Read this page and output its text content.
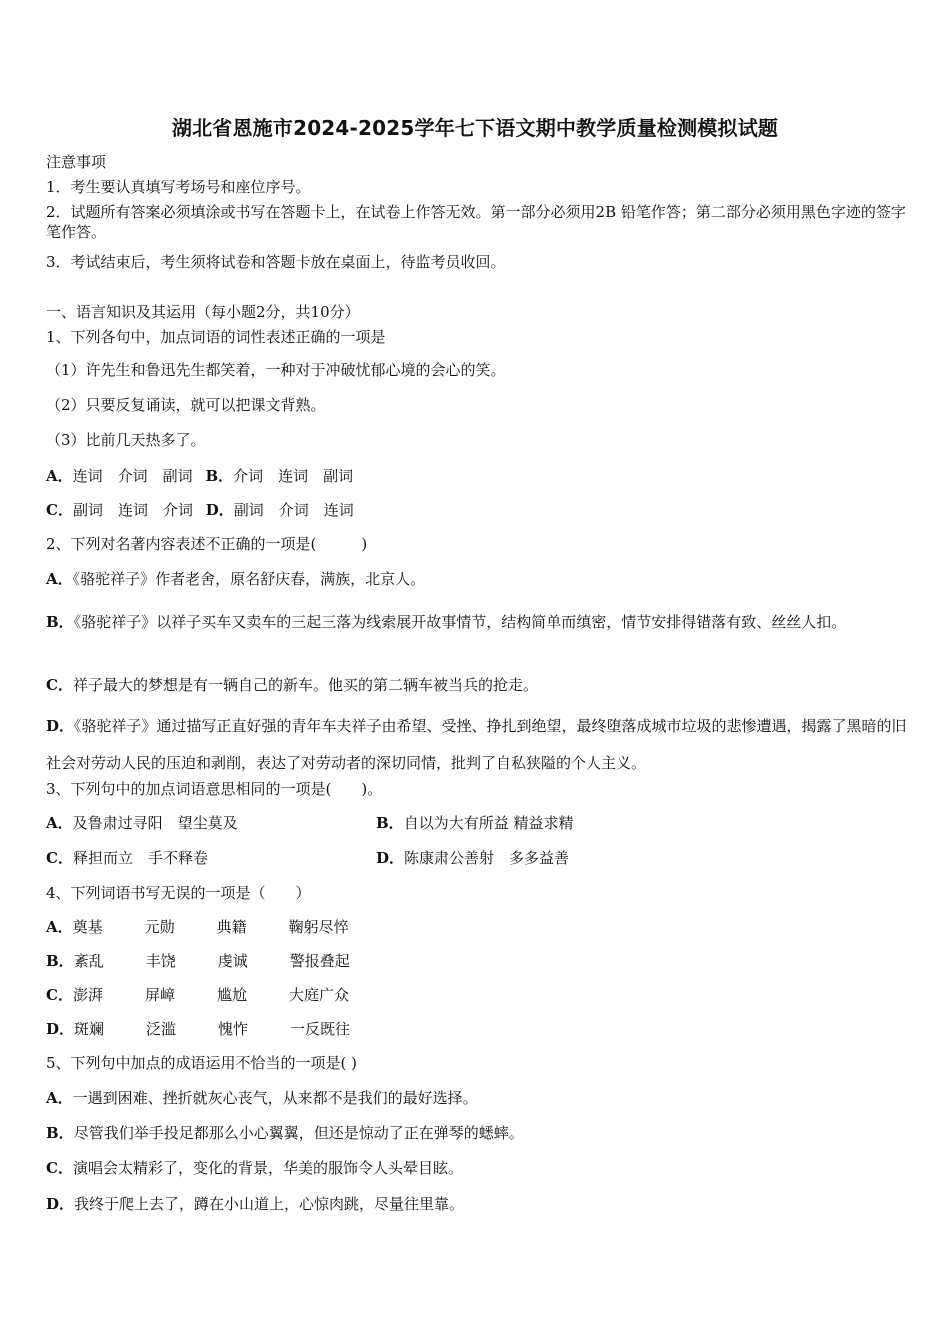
湖北省恩施市2024-2025学年七下语文期中教学质量检测模拟试题
注意事项
1．考生要认真填写考场号和座位序号。
2．试题所有答案必须填涂或书写在答题卡上，在试卷上作答无效。第一部分必须用2B 铅笔作答；第二部分必须用黑色字迹的签字笔作答。
3．考试结束后，考生须将试卷和答题卡放在桌面上，待监考员收回。
一、语言知识及其运用（每小题2分，共10分）
1、下列各句中，加点词语的词性表述正确的一项是
（1）许先生和鲁迅先生都笑着，一种对于冲破忧郁心境的会心的笑。
（2）只要反复诵读，就可以把课文背熟。
（3）比前几天热多了。
A．连词　介词　副词 B．介词　连词　副词
C．副词　连词　介词 D．副词　介词　连词
2、下列对名著内容表述不正确的一项是(　　　)
A．《骆驼祥子》作者老舍，原名舒庆春，满族，北京人。
B．《骆驼祥子》以祥子买车又卖车的三起三落为线索展开故事情节，结构简单而缜密，情节安排得错落有致、丝丝人扣。
C．祥子最大的梦想是有一辆自己的新车。他买的第二辆车被当兵的抢走。
D．《骆驼祥子》通过描写正直好强的青年车夫祥子由希望、受挫、挣扎到绝望，最终堕落成城市垃圾的悲惨遭遇，揭露了黑暗的旧社会对劳动人民的压迫和剥削，表达了对劳动者的深切同情，批判了自私狭隘的个人主义。
3、下列句中的加点词语意思相同的一项是(　　)。
A．及鲁肃过寻阳　望尘莫及	B．自以为大有所益 精益求精
C．释担而立　手不释卷	D．陈康肃公善射　多多益善
4、下列词语书写无误的一项是（　　）
A．奠基	元勋	典籍	鞠躬尽悴
B．紊乱	丰饶	虔诚	警报叠起
C．澎湃	屏嶂	尴尬	大庭广众
D．斑斓	泛滥	愧怍	一反既往
5、下列句中加点的成语运用不恰当的一项是( )
A．一遇到困难、挫折就灰心丧气，从来都不是我们的最好选择。
B．尽管我们举手投足都那么小心翼翼，但还是惊动了正在弹琴的蟋蟀。
C．演唱会太精彩了，变化的背景，华美的服饰令人头晕目眩。
D．我终于爬上去了，蹲在小山道上，心惊肉跳，尽量往里靠。
